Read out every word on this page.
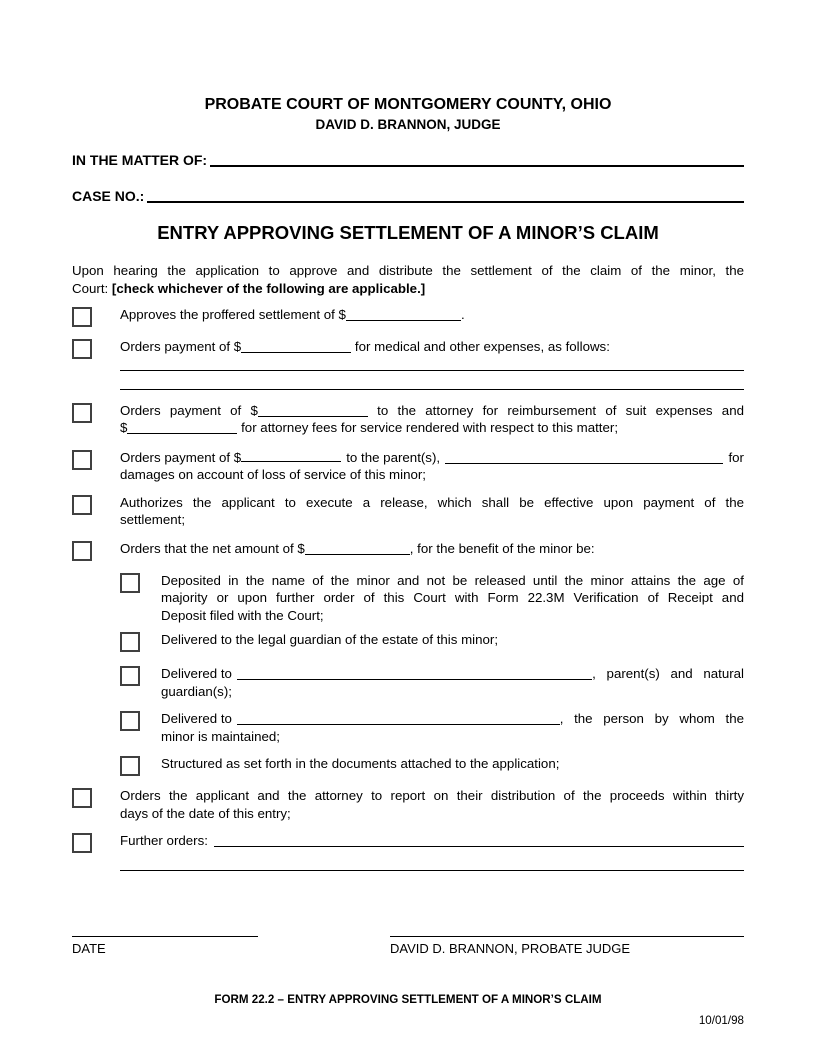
PROBATE COURT OF MONTGOMERY COUNTY, OHIO
DAVID D. BRANNON, JUDGE
IN THE MATTER OF:
CASE NO.:
ENTRY APPROVING SETTLEMENT OF A MINOR’S CLAIM
Upon hearing the application to approve and distribute the settlement of the claim of the minor, the
Court: [check whichever of the following are applicable.]
Approves the proffered settlement of $	.
Orders payment of $	for medical and other expenses, as follows:
Orders payment of $	to the attorney for reimbursement of suit expenses and
$	for attorney fees for service rendered with respect to this matter;
Orders payment of $	to the parent(s),	for
damages on account of loss of service of this minor;
Authorizes the applicant to execute a release, which shall be effective upon payment of the
settlement;
Orders that the net amount of $	, for the benefit of the minor be:
Deposited in the name of the minor and not be released until the minor attains the age of
majority or upon further order of this Court with Form 22.3M Verification of Receipt and
Deposit filed with the Court;
Delivered to the legal guardian of the estate of this minor;
Delivered to	, parent(s) and natural
guardian(s);
Delivered to	, the person by whom the
minor is maintained;
Structured as set forth in the documents attached to the application;
Orders the applicant and the attorney to report on their distribution of the proceeds within thirty
days of the date of this entry;
Further orders:
DATE	DAVID D. BRANNON, PROBATE JUDGE
FORM 22.2 – ENTRY APPROVING SETTLEMENT OF A MINOR’S CLAIM
10/01/98
